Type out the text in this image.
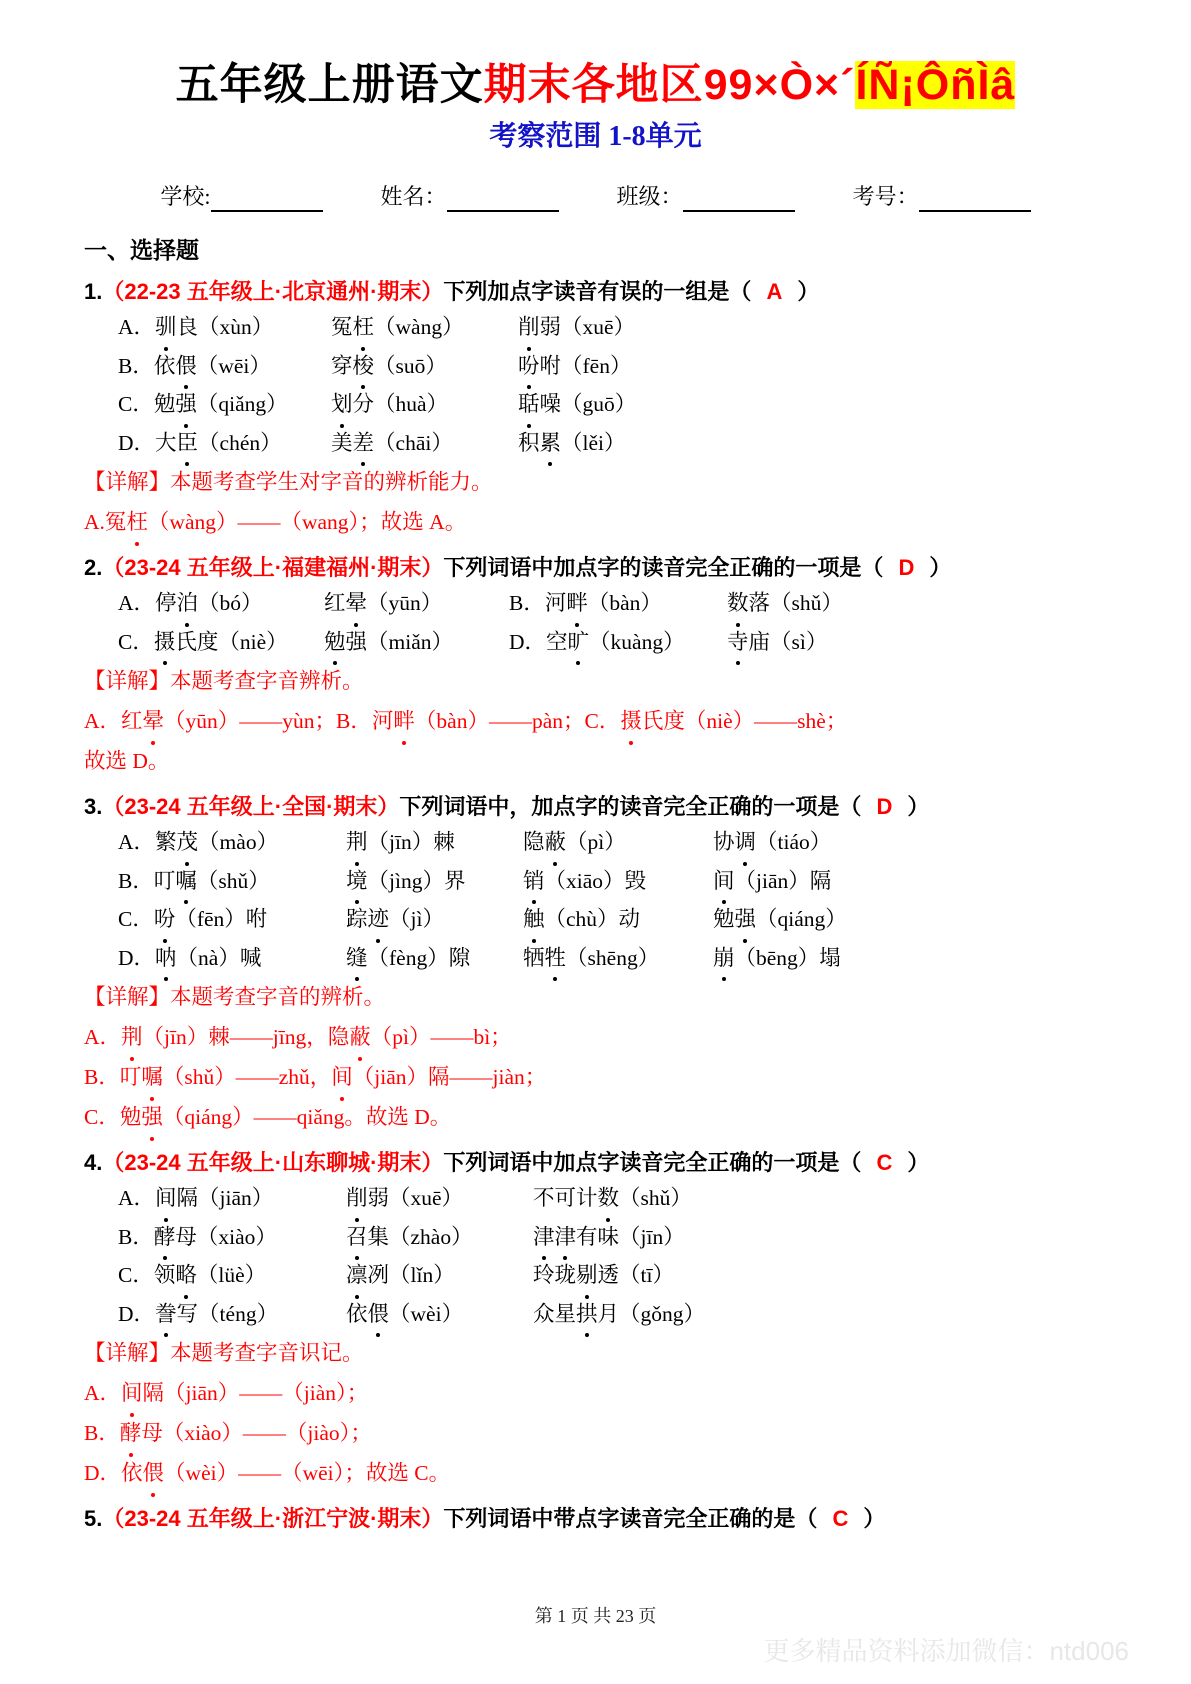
五年级上册语文期末各地区99×Ò×´ÍÑ¡ÔñÌâ
考察范围 1-8单元
学校:	姓名：	班级：	考号：
一、选择题
1.（22-23 五年级上·北京通州·期末）下列加点字读音有误的一组是（ A ）
A．驯良（xùn）	冤枉（wàng）	削弱（xuē）
B．依偎（wēi）	穿梭（suō）	吩咐（fēn）
C．勉强（qiǎng）	划分（huà）	聒噪（guō）
D．大臣（chén）	美差（chāi）	积累（lěi）
【详解】本题考查学生对字音的辨析能力。
A.冤枉（wàng）——（wang）；故选 A。
2.（23-24 五年级上·福建福州·期末）下列词语中加点字的读音完全正确的一项是（ D ）
A．停泊（bó）	红晕（yūn）	B．河畔（bàn）	数落（shǔ）
C．摄氏度（niè）	勉强（miǎn）	D．空旷（kuàng）	寺庙（sì）
【详解】本题考查字音辨析。
A．红晕（yūn）——yùn；B．河畔（bàn）——pàn；C．摄氏度（niè）——shè；
故选 D。
3.（23-24 五年级上·全国·期末）下列词语中，加点字的读音完全正确的一项是（ D ）
A．繁茂（mào）	荆（jīn）棘	隐蔽（pì）	协调（tiáo）
B．叮嘱（shǔ）	境（jìng）界	销（xiāo）毁	间（jiān）隔
C．吩（fēn）咐	踪迹（jì）	触（chù）动	勉强（qiáng）
D．呐（nà）喊	缝（fèng）隙	牺牲（shēng）	崩（bēng）塌
【详解】本题考查字音的辨析。
A．荆（jīn）棘——jīng，隐蔽（pì）——bì；
B．叮嘱（shǔ）——zhǔ，间（jiān）隔——jiàn；
C．勉强（qiáng）——qiǎng。故选 D。
4.（23-24 五年级上·山东聊城·期末）下列词语中加点字读音完全正确的一项是（ C ）
A．间隔（jiān）	削弱（xuē）	不可计数（shǔ）
B．酵母（xiào）	召集（zhào）	津津有味（jīn）
C．领略（lüè）	凛冽（lǐn）	玲珑剔透（tī）
D．誊写（téng）	依偎（wèi）	众星拱月（gǒng）
【详解】本题考查字音识记。
A．间隔（jiān）——（jiàn）；
B．酵母（xiào）——（jiào）；
D．依偎（wèi）——（wēi）；故选 C。
5.（23-24 五年级上·浙江宁波·期末）下列词语中带点字读音完全正确的是（ C ）
第 1 页 共 23 页
更多精品资料添加微信：ntd006
